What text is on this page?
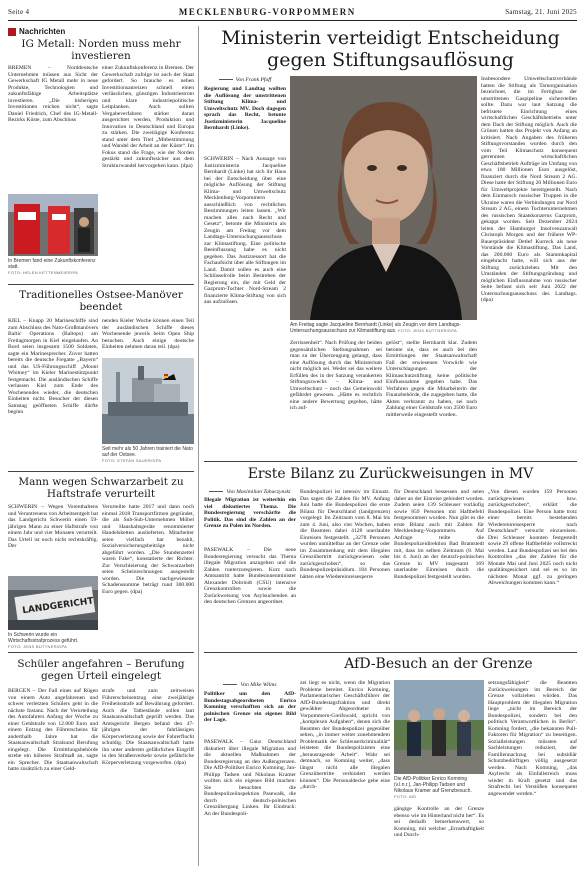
Seite 4	MECKLENBURG-VORPOMMERN	Samstag, 21. Juni 2025
Nachrichten
IG Metall: Norden muss mehr investieren

BREMEN – Norddeutsche Unternehmen müssen aus Sicht der Gewerkschaft IG Metall mehr in neue Produkte, Technologien und zukunftsfähige Arbeitsplätze investieren. „Die bisherigen Investitionen reichen nicht“, sagte Daniel Friedrich, Chef des IG-Metall-Bezirks Küste, zum Abschluss

In Bremen fand eine Zukunftskonferenz statt.
FOTO: HELEN KETTENMEIER/PA

einer Zukunftskonferenz in Bremen. Der Gewerkschaft zufolge ist auch der Staat gefordert. So brauche es neben Investitionsanreizen schnell einen verlässlichen, günstigen Industriestrom und klare industriepolitische Leitplanken. Auch sollten Vergabeverfahren stärker daran ausgerichtet werden, Produktion und Innovation in Deutschland und Europa zu stärken. Die zweitägige Konferenz stand unter dem Titel „Mitbestimmung und Wandel der Arbeit an der Küste“. Im Fokus stand die Frage, wie der Norden gestärkt und zukunftssicher aus dem Strukturwandel hervorgehen kann. (dpa)

Traditionelles Ostsee-Manöver beendet

KIEL – Knapp 20 Marineschiffe sind zum Abschluss des Nato-Großmanövers Baltic Operations (Baltops) am Freitagmorgen in Kiel eingelaufen. An Bord seien insgesamt 1500 Soldaten, sagte ein Marinesprecher. Zuvor hatten bereits die deutsche Fregatte „Bayern“ und das US-Führungsschiff „Mount Whitney“ im Kieler Marinestützpunkt festgemacht. Die ausländischen Schiffe verlassen Kiel zum Ende des Wochenendes wieder, die deutschen Einheiten nicht. Besucher der diesen Samstag geöffneten Schiffe dürfte beginn

nenden Kieler Woche können einen Teil der ausländischen Schiffe dieses Wochenende jeweils beim Open Ship besuchen. Auch einige deutsche Einheiten nehmen daran teil. (dpa)

Seit mehr als 50 Jahren trainiert die Nato auf der Ostsee.
FOTO: STEFAN SAUER/DPA
Mann wegen Schwarzarbeit zu Haftstrafe verurteilt

SCHWERIN – Wegen Vorenthaltens und Veruntreuens von Arbeitsentgelt hat das Landgericht Schwerin einen 59-jährigen Mann zu einer Haftstrafe von einem Jahr und vier Monaten verurteilt. Das Urteil ist noch nicht rechtskräftig. Der

LANDGERICHT
In Schwerin wurde ein Wirtschaftsstrafprozess geführt.
FOTO: JENS BÜTTNER/DPA

Verurteilte hatte 2017 und dann noch einmal 2018 Transportfirmen gegründet, die als Sub-Sub-Unternehmen Möbel und Haushaltsgeräte renommierter Handelsketten auslieferten. Mitarbeiter seien vielfach bar bezahlt, Sozialversicherungsbeiträge nicht abgeführt worden. „Die Stundenzettel waren Fake“, konstatierte der Richter. Zur Verschleierung der Schwarzarbeit seien Scheinrechnungen ausgestellt worden. Die nachgewiesene Schadenssumme beträgt rund 300.000 Euro gegen. (dpa)

Schüler angefahren – Berufung gegen Urteil eingelegt

BERGEN – Der Fall eines auf Rügen von einem Auto angefahrenen und schwer verletzten Schülers geht in die nächste Instanz. Nach der Verurteilung des Autofahrers Anfang der Woche zu einer Geldstrafe von 12.000 Euro und einem Entzug des Führerscheins für anderthalb Jahre hat die Staatsanwaltschaft Stralsund Berufung eingelegt. Die Ermittlungsbehörde strebe ein höheres Strafmaß an, sagte ein Sprecher. Die Staatsanwaltschaft hatte zusätzlich zu einer Geld-

strafe und zum zeitweisen Führerscheinentzug eine zweijährige Freiheitsstrafe auf Bewährung gefordert. Auch die Tatbestände sollen laut Staatsanwaltschaft geprüft werden. Das Amtsgericht Bergen befand den 47-jährigen der fahrlässigen Körperverletzung sowie der Fahrerflucht schuldig. Die Staatsanwaltschaft hatte ihn unter anderem gefährlichen Eingriff in den Straßenverkehr sowie gefährliche Körperverletzung vorgeworfen. (dpa)

Ministerin verteidigt Entscheidung gegen Stiftungsauflösung
Von Frank Pfaff

Regierung und Landtag wollten die Auflösung der umstrittenen Stiftung Klima- und Umweltschutz MV. Doch dagegen sprach das Recht, betonte Justizministerin Jacqueline Bernhardt (Linke).

SCHWERIN – Nach Aussage von Justizministerin Jacqueline Bernhardt (Linke) hat sich ihr Haus bei der Entscheidung über eine mögliche Auflösung der Stiftung Klima- und Umweltschutz Mecklenburg-Vorpommern ausschließlich von rechtlichen Bestimmungen leiten lassen. „Wir machen alles nach Recht und Gesetz“, betonte die Ministerin als Zeugin am Freitag vor dem Landtags-Untersuchungsausschuss zur Klimastiftung. Eine politische Beeinflussung habe es nicht gegeben. Das Justizressort hat die Fachaufsicht über alle Stiftungen im Land. Damit sollen es auch eine Schlüsselrolle beim Bestreben der Regierung ein, die mit Geld der Gazprom-Tochter Nord-Stream 2 finanzierte Klima-Stiftung von sich aus aufzulösen.

Am Freitag sagte Jacqueline Bernhardt (Linke) als Zeugin vor dem Landtags-Untersuchungsausschuss zur Klimastiftung aus. FOTO: JENS BÜTTNER/DPA

Zerrissenheit“. Nach Prüfung der beiden gegensätzlichen Stellungnahmen sei man zu der Überzeugung gelangt, dass eine Auflösung durch das Ministerium nicht möglich sei. Weder sei das weitere Erfüllen des in der Satzung verankerten Stiftungszwecks – Klima- und Umweltschutz – noch das Gemeinwohl gefährdet gewesen. „Hätte es rechtlich eine andere Bewertung gegeben, hätte ich auf-

gelöst“, stellte Bernhardt klar. Zudem betonte sie, dass es auch bei den Ermittlungen der Staatsanwaltschaft Fall der erwiesenen Vorwürfe wie Unterschlagungen der Klimaschutzstiftung keine politische Einflussnahme gegeben habe. Das Verfahren gegen die Mitarbeiterin der Finanzbehörde, die zugegeben hatte, die Akten verbrannt zu haben, sei nach Zahlung einer Geldstrafe von 2500 Euro mittlerweile eingestellt worden.

Insbesondere Umweltschutzverbände hatten die Stiftung als Tarnorganisation bezeichnet, die im Fertigbau der umstrittenen Gaspipeline sicherstellen sollte. Dazu war laut Satzung die befristete Einrichtung eines wirtschaftlichen Geschäftsbetriebs unter dem Dach der Stiftung möglich. Auch die Grünen hatten das Projekt von Anfang an kritisiert. Nach Angaben des früheren Stiftungsvorstandes wurden durch den vom Teil Klimaschutz konsequent getrennten wirtschaftlichen Geschäftsbetrieb Aufträge im Umfang von etwa 180 Millionen Euro ausgelöst, finanziert durch die Nord Stream 2 AG. Diese hatte der Stiftung 20 Millionen Euro für Umweltprojekte bereitgestellt. Nach dem Einmarsch russischer Truppen in die Ukraine waren die Verbindungen zur Nord Stream 2 AG, einem Tochterunternehmen des russischen Staatskonzerns Gazprom, gekappt worden. Seit Dezember 2024 leiten der Hamburger Insolvenzanwalt Christoph Morgen und der frühere WP-Bauerpräsident Detlef Kurreck als neue Vorstände die Klimastiftung. Das Land, das 200.000 Euro als Stammkapital eingebracht hatte, will sich aus der Stiftung zurückziehen. Mit den Umständen der Stiftungsgründung und möglichen Einflussnahme von russischer Seite befasst sich seit Juni 2022 der Untersuchungsausschuss des Landtags. (dpa)

Erste Bilanz zu Zurückweisungen in MV
Von Maximilian Tabaczynski

Illegale Migration ist weiterhin ein viel diskutiertes Thema. Die Bundesregierung verschärfte die Politik. Das sind die Zahlen an der Grenze zu Polen im Norden.

PASEWALK – Die neue Bundesregierung versucht das Thema illegale Migration anzugehen und die Zahlen runterzuregieren. Kurz nach Amtsantritt hatte Bundesinnenminister Alexander Dobrindt (CSU) intensive Grenzkontrollen sowie die Zurückweisung von Asylsuchenden an den deutschen Grenzen angeordnet.

Bundespolizei ist intensiv im Einsatz. Das sagen die Zahlen für MV. Anfang Juni hatte die Bundespolizei die erste Bilanz für Deutschland (landgrenzen) vorgelegt: Im Zeitraum vom 8. Mai bis zum 4. Juni, also vier Wochen, haben die Beamten dabei 4128 unerlaubte Einreisen festgestellt. „3278 Personen wurden unmittelbar an der Grenze oder im Zusammenhang mit dem illegalen Grenzübertritt zurückgewiesen oder zurückgeschoben“, so das Bundespolizeipräsidium. 184 Personen hätten eine Wiedereinreisesperre

für Deutschland bessessen und seien daher an der Einreise gehindert worden. Zudem seien 139 Schleuser vorläufig sowie 859 Personen mit Haftbefehl festgenommen worden. Nun gibt es die erste Bilanz auch mit Zahlen für Mecklenburg-Vorpommern. Auf Anfrage teilte die Bundespolizeidirektion Bad Bramstedt mit, dass im selben Zeitraum (8. Mai bis 4. Juni) an der deutsch-polnischen Grenze in MV insgesamt 169 unerlaubte Einreisen durch die Bundespolizei festgestellt wurden.

„Von diesen wurden 159 Personen zurückgewiesen bzw. zurückgeschoben“, erklärt die Bundespolizei. Eine Person hatte trotz einer bereits bestehenden Wiedereinreisesperre nach Deutschland“ versucht einzureisen. Drei Schleuser konnten festgestellt sowie 29 offene Haftbefehle vollstreckt werden. Laut Bundespolizei sei bei den Kontrollen „das der Zahlen für die Monate Mai und Juni 2025 noch nicht qualitätsgesichert und sei es so im nächsten Monat ggf. zu geringen Abweichungen kommen kann.“

AfD-Besuch an der Grenze
Von Mike Wilms

Politiker um den AfD-Bundestagsabgeordneten Enrico Komning verschafften sich an der polnischen Grenze ein eigenes Bild der Lage.

PASEWALK – Ganz Deutschland diskutiert über illegale Migration und die aktuellen Maßnahmen der Bundesregierung an den Außengrenzen. Die AfD-Politiker Enrico Komning, Jan-Philipp Tadsen und Nikolaus Kramer wollten sich ein eigenes Bild machen: Sie besuchten die Bundespolizeiinspektion Pasewalk, die durch deutsch-polnischen Grenzübergang Linken. Ihr Eindruck: An der Bundespoli-

zei liegt es nicht, wenn die Migration Probleme bereitet. Enrico Komning, Parlamentarischer Geschäftsführer der AfD-Bundestagsfraktion und direkt gewählter Abgeordneter in Vorpommern-Greifswald, spricht von „komplexen Aufgaben“, denen sich die Beamten der Bundespolizei gegenüber sehen, „in immer weiter zunehmendem Problematik der Schleuserkriminalität“ leisteten die Bundespolizisten eine „herausragende Arbeit“. Wahr sei demnach, so Komning weiter, „dass längst nicht alle illegalen Grenzübertritte verhindert werden können“. Die Personaldecke gebe eine „durch-

Die AfD-Politiker Enrico Komning (v.l.n.r.), Jan-Philipp Tadsen und Nikolaus Kramer auf Grenzbesuch.
FOTO: AfD

gängige Kontrolle an der Grenze ebenso wie im Hinterland nicht her“. Es sei deshalb bemerkenswert, so Komning, mit welcher „Ernsthaftigkeit und Durch-

setzungsfähigkeit“ die Beamten Zurückweisungen im Bereich der Grenze vollziehen würden. Das Hauptproblem der illegalen Migration liege „nicht im Bereich der Bundespolizei, sondern bei den politisch Verantwortlichen in Berlin“. Komning fordert, „die bekannten Pull-Faktoren für Migration“ zu beseitigen. Sozialleistungen müssten auf Sachleistungen reduziert, der Familiennachzug bei subsidiär Schutzbedürftigen völlig ausgesetzt werden. Nach Komning, „das Asylrecht als Einfallstreich muss wieder in Kraft gesetzt und das Strafrecht bei Verstößen konsequent angewendet werden.“
